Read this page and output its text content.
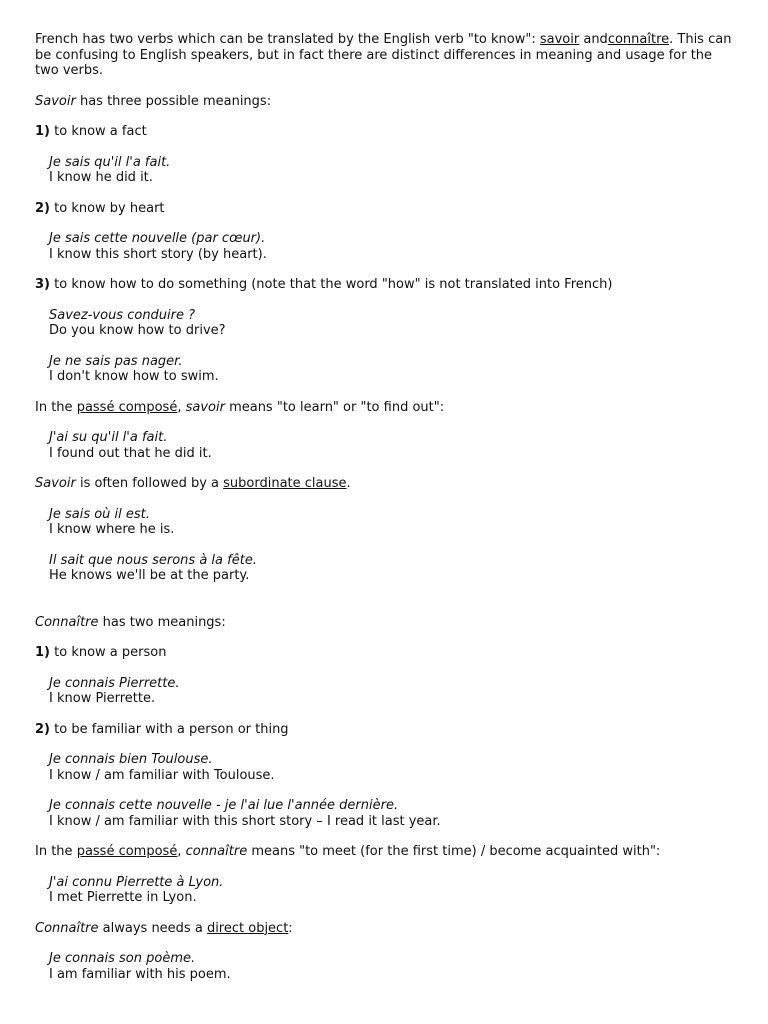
French has two verbs which can be translated by the English verb "to know": savoir andconnaître. This can be confusing to English speakers, but in fact there are distinct differences in meaning and usage for the two verbs.

Savoir has three possible meanings:

1) to know a fact

Je sais qu'il l'a fait.

I know he did it.

2) to know by heart

Je sais cette nouvelle (par cœur).

I know this short story (by heart).

3) to know how to do something (note that the word "how" is not translated into French)

Savez-vous conduire ?

Do you know how to drive?

Je ne sais pas nager.

I don't know how to swim.

In the passé composé, savoir means "to learn" or "to find out":

J'ai su qu'il l'a fait.

I found out that he did it.

Savoir is often followed by a subordinate clause.

Je sais où il est.

I know where he is.

Il sait que nous serons à la fête.

He knows we'll be at the party.

Connaître has two meanings:

1) to know a person

Je connais Pierrette.

I know Pierrette.

2) to be familiar with a person or thing

Je connais bien Toulouse.

I know / am familiar with Toulouse.

Je connais cette nouvelle - je l'ai lue l'année dernière.

I know / am familiar with this short story – I read it last year.

In the passé composé, connaître means "to meet (for the first time) / become acquainted with":

J'ai connu Pierrette à Lyon.

I met Pierrette in Lyon.

Connaître always needs a direct object:

Je connais son poème.

I am familiar with his poem.
